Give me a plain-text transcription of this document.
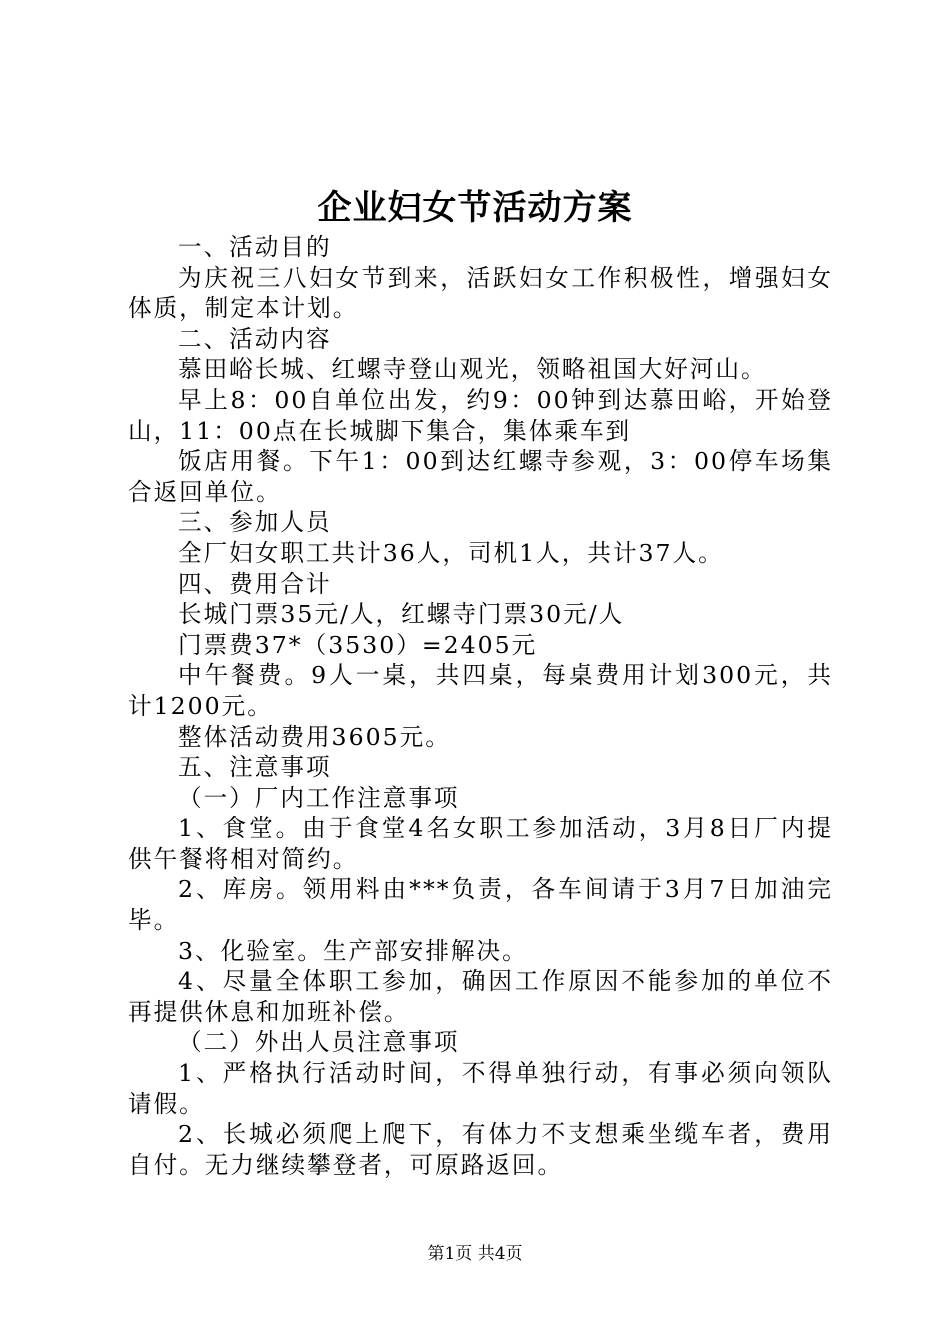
企业妇女节活动方案

一、活动目的

为庆祝三八妇女节到来，活跃妇女工作积极性，增强妇女体质，制定本计划。

二、活动内容

慕田峪长城、红螺寺登山观光，领略祖国大好河山。

早上8：00自单位出发，约9：00钟到达慕田峪，开始登山，11：00点在长城脚下集合，集体乘车到

饭店用餐。下午1：00到达红螺寺参观，3：00停车场集合返回单位。

三、参加人员

全厂妇女职工共计36人，司机1人，共计37人。

四、费用合计

长城门票35元/人，红螺寺门票30元/人

门票费37*（3530）=2405元

中午餐费。9人一桌，共四桌，每桌费用计划300元，共计1200元。

整体活动费用3605元。

五、注意事项

（一）厂内工作注意事项

1、食堂。由于食堂4名女职工参加活动，3月8日厂内提供午餐将相对简约。

2、库房。领用料由***负责，各车间请于3月7日加油完毕。

3、化验室。生产部安排解决。

4、尽量全体职工参加，确因工作原因不能参加的单位不再提供休息和加班补偿。

（二）外出人员注意事项

1、严格执行活动时间，不得单独行动，有事必须向领队请假。

2、长城必须爬上爬下，有体力不支想乘坐缆车者，费用自付。无力继续攀登者，可原路返回。

第1页 共4页
